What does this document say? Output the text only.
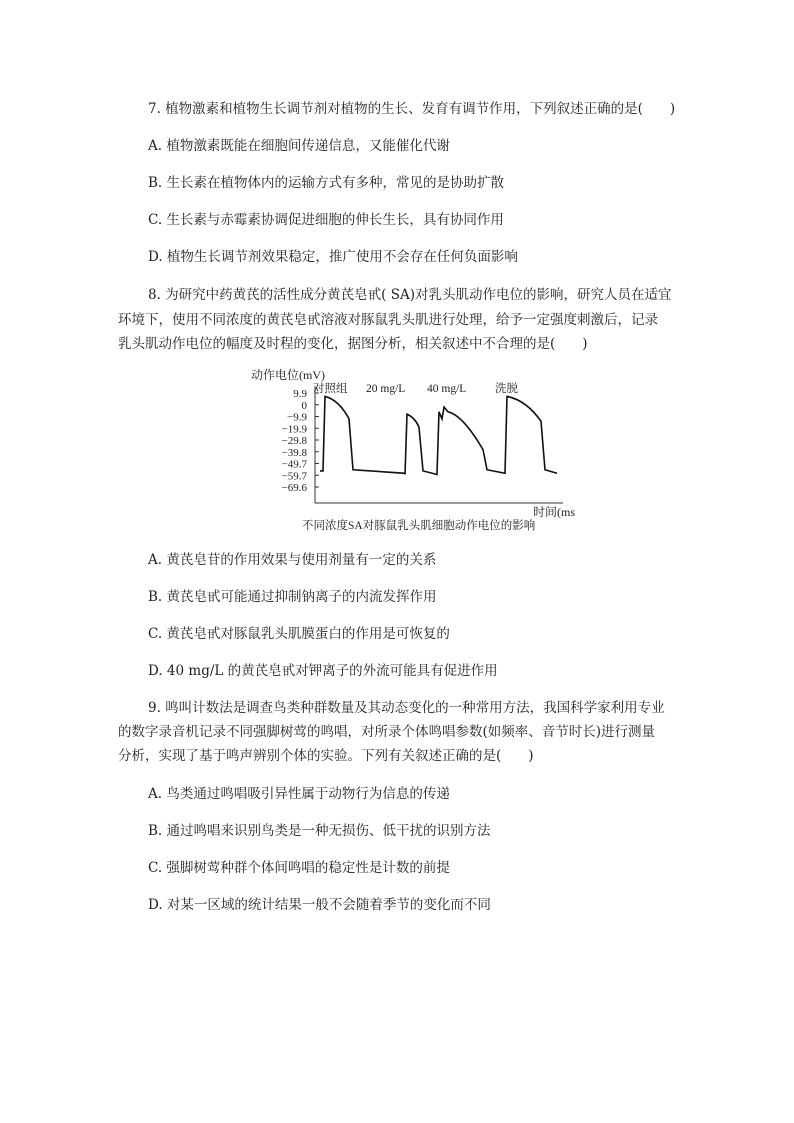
7. 植物激素和植物生长调节剂对植物的生长、发育有调节作用，下列叙述正确的是(　　)
A. 植物激素既能在细胞间传递信息，又能催化代谢
B. 生长素在植物体内的运输方式有多种，常见的是协助扩散
C. 生长素与赤霉素协调促进细胞的伸长生长，具有协同作用
D. 植物生长调节剂效果稳定，推广使用不会存在任何负面影响
8. 为研究中药黄芪的活性成分黄芪皂甙( SA)对乳头肌动作电位的影响，研究人员在适宜
环境下，使用不同浓度的黄芪皂甙溶液对豚鼠乳头肌进行处理，给予一定强度刺激后，记录
乳头肌动作电位的幅度及时程的变化，据图分析，相关叙述中不合理的是(　　)
动作电位(mV)
时间(ms)
不同浓度SA对豚鼠乳头肌细胞动作电位的影响
9.9
0
−9.9
−19.9
−29.8
−39.8
−49.7
−59.7
−69.6
对照组 20 mg/L 40 mg/L 洗脱
A. 黄芪皂苷的作用效果与使用剂量有一定的关系
B. 黄芪皂甙可能通过抑制钠离子的内流发挥作用
C. 黄芪皂甙对豚鼠乳头肌膜蛋白的作用是可恢复的
D. 40 mg/L 的黄芪皂甙对钾离子的外流可能具有促进作用
9. 鸣叫计数法是调查鸟类种群数量及其动态变化的一种常用方法，我国科学家利用专业
的数字录音机记录不同强脚树莺的鸣唱，对所录个体鸣唱参数(如频率、音节时长)进行测量
分析，实现了基于鸣声辨别个体的实验。下列有关叙述正确的是(　　)
A. 鸟类通过鸣唱吸引异性属于动物行为信息的传递
B. 通过鸣唱来识别鸟类是一种无损伤、低干扰的识别方法
C. 强脚树莺种群个体间鸣唱的稳定性是计数的前提
D. 对某一区域的统计结果一般不会随着季节的变化而不同
